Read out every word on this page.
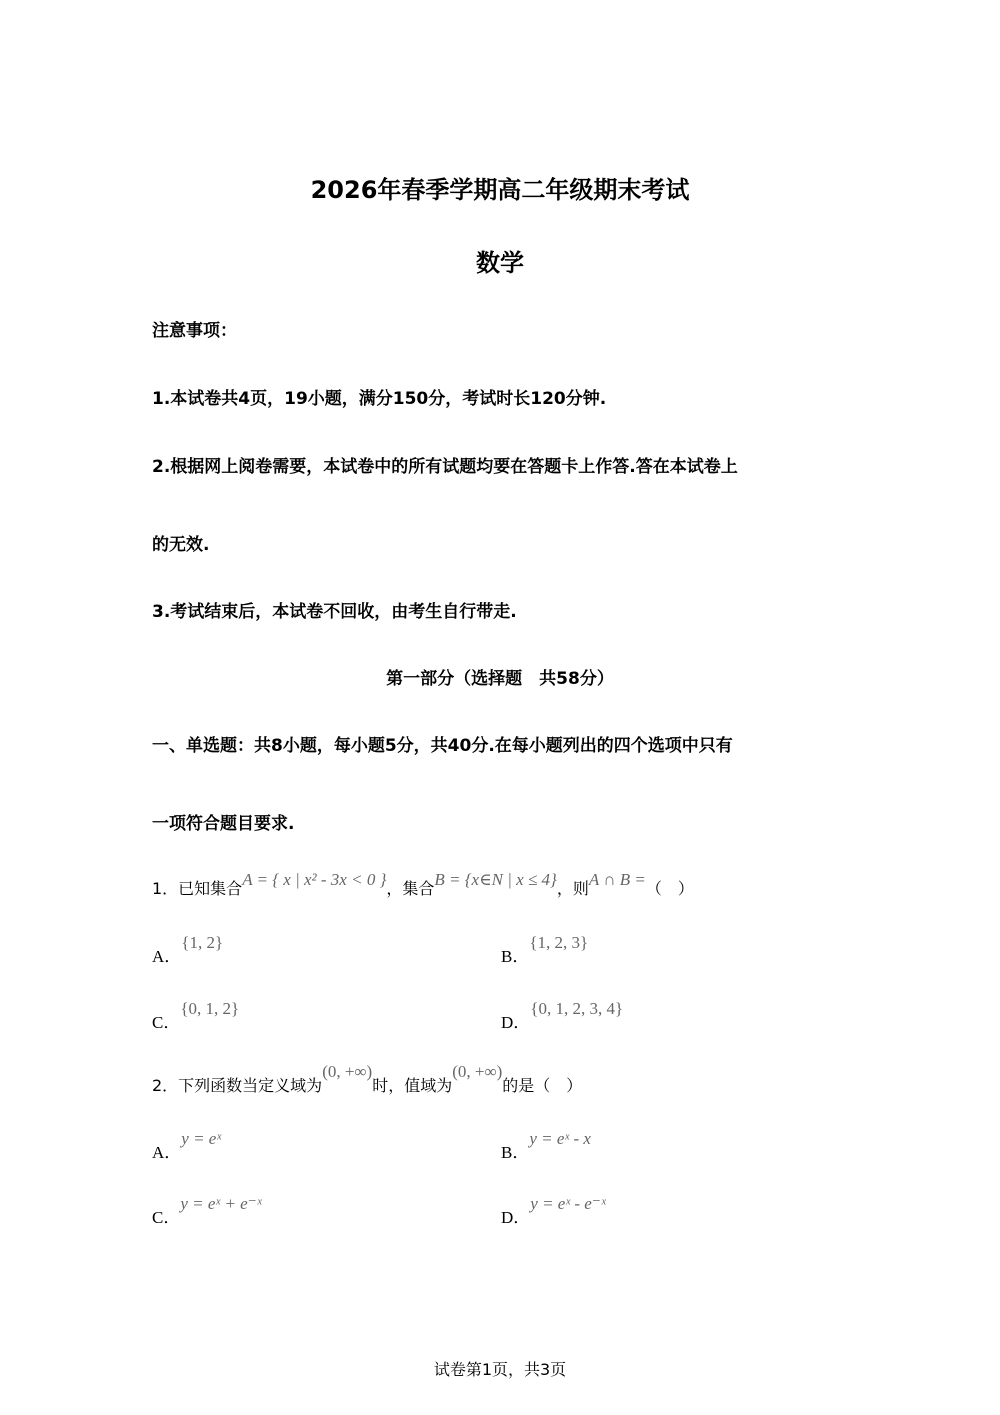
2026年春季学期高二年级期末考试
数学
注意事项：
1.本试卷共4页，19小题，满分150分，考试时长120分钟.
2.根据网上阅卷需要，本试卷中的所有试题均要在答题卡上作答.答在本试卷上
的无效.
3.考试结束后，本试卷不回收，由考生自行带走.
第一部分（选择题　共58分）
一、单选题：共8小题，每小题5分，共40分.在每小题列出的四个选项中只有
一项符合题目要求.
1．已知集合A = { x | x² - 3x < 0 }，集合B = {x∈N | x ≤ 4}，则A ∩ B =（　）
A．{1, 2}
B．{1, 2, 3}
C．{0, 1, 2}
D．{0, 1, 2, 3, 4}
2．下列函数当定义域为(0, +∞)时，值域为(0, +∞)的是（　）
A．y = eˣ
B．y = eˣ - x
C．y = eˣ + e⁻ˣ
D．y = eˣ - e⁻ˣ
试卷第1页，共3页
